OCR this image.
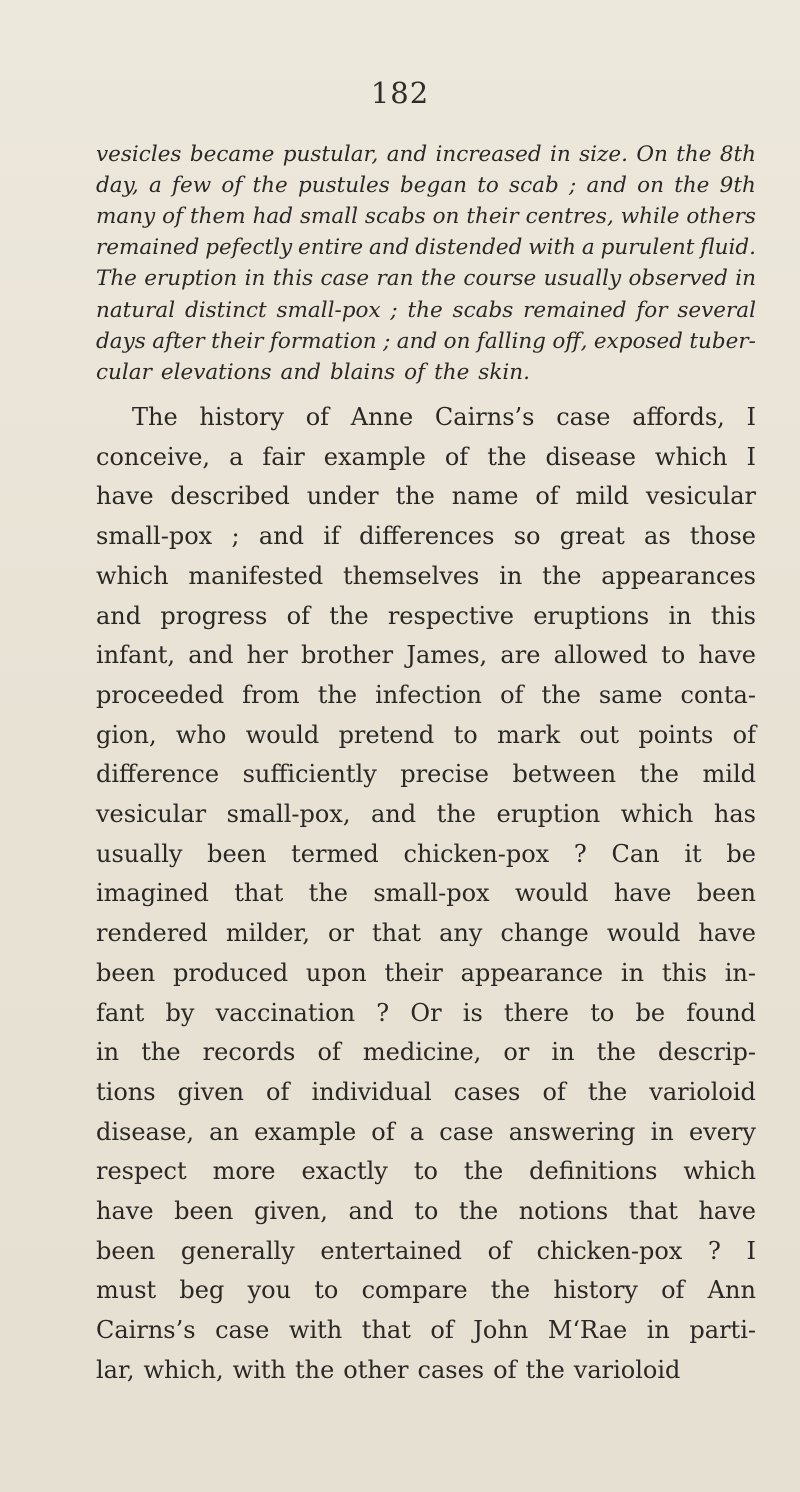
182
vesicles became pustular, and increased in size. On the 8th
day, a few of the pustules began to scab ; and on the 9th
many of them had small scabs on their centres, while others
remained pefectly entire and distended with a purulent fluid.
The eruption in this case ran the course usually observed in
natural distinct small-pox ; the scabs remained for several
days after their formation ; and on falling off, exposed tuber-
cular elevations and blains of the skin.
The history of Anne Cairns’s case affords, I
conceive, a fair example of the disease which I
have described under the name of mild vesicular
small-pox ; and if differences so great as those
which manifested themselves in the appearances
and progress of the respective eruptions in this
infant, and her brother James, are allowed to have
proceeded from the infection of the same conta-
gion, who would pretend to mark out points of
difference sufficiently precise between the mild
vesicular small-pox, and the eruption which has
usually been termed chicken-pox ? Can it be
imagined that the small-pox would have been
rendered milder, or that any change would have
been produced upon their appearance in this in-
fant by vaccination ? Or is there to be found
in the records of medicine, or in the descrip-
tions given of individual cases of the varioloid
disease, an example of a case answering in every
respect more exactly to the definitions which
have been given, and to the notions that have
been generally entertained of chicken-pox ? I
must beg you to compare the history of Ann
Cairns’s case with that of John M‘Rae in parti-
lar, which, with the other cases of the varioloid
